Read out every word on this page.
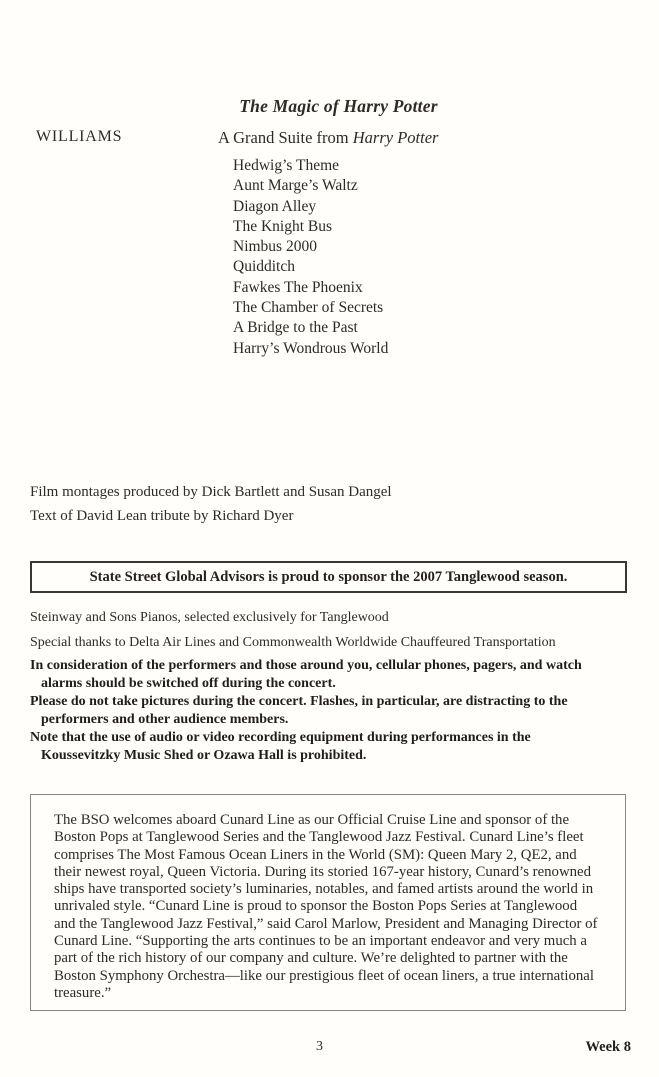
The Magic of Harry Potter
WILLIAMS	A Grand Suite from Harry Potter
Hedwig’s Theme
Aunt Marge’s Waltz
Diagon Alley
The Knight Bus
Nimbus 2000
Quidditch
Fawkes The Phoenix
The Chamber of Secrets
A Bridge to the Past
Harry’s Wondrous World
Film montages produced by Dick Bartlett and Susan Dangel
Text of David Lean tribute by Richard Dyer
State Street Global Advisors is proud to sponsor the 2007 Tanglewood season.
Steinway and Sons Pianos, selected exclusively for Tanglewood
Special thanks to Delta Air Lines and Commonwealth Worldwide Chauffeured Transportation
In consideration of the performers and those around you, cellular phones, pagers, and watch alarms should be switched off during the concert.
Please do not take pictures during the concert. Flashes, in particular, are distracting to the performers and other audience members.
Note that the use of audio or video recording equipment during performances in the Koussevitzky Music Shed or Ozawa Hall is prohibited.
The BSO welcomes aboard Cunard Line as our Official Cruise Line and sponsor of the Boston Pops at Tanglewood Series and the Tanglewood Jazz Festival. Cunard Line’s fleet comprises The Most Famous Ocean Liners in the World (SM): Queen Mary 2, QE2, and their newest royal, Queen Victoria. During its storied 167-year history, Cunard’s renowned ships have transported society’s luminaries, notables, and famed artists around the world in unrivaled style. “Cunard Line is proud to sponsor the Boston Pops Series at Tanglewood and the Tanglewood Jazz Festival,” said Carol Marlow, President and Managing Director of Cunard Line. “Supporting the arts continues to be an important endeavor and very much a part of the rich history of our company and culture. We’re delighted to partner with the Boston Symphony Orchestra—like our prestigious fleet of ocean liners, a true international treasure.”
3	Week 8
